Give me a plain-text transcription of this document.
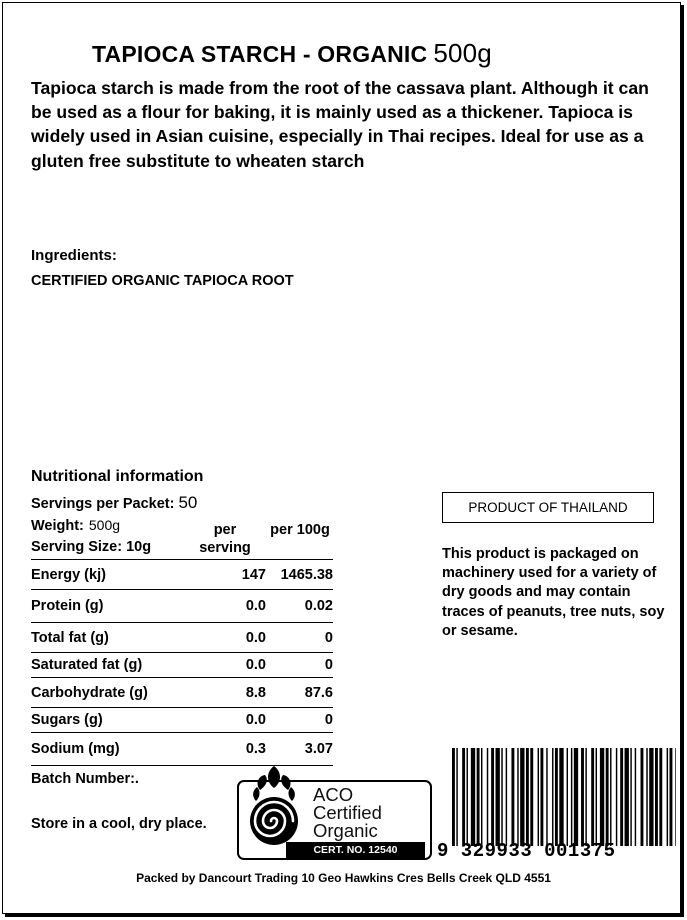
TAPIOCA STARCH - ORGANIC 500g
Tapioca starch is made from the root of the cassava plant. Although it can be used as a flour for baking, it is mainly used as a thickener. Tapioca is widely used in Asian cuisine, especially in Thai recipes. Ideal for use as a gluten free substitute to wheaten starch
Ingredients:
CERTIFIED ORGANIC TAPIOCA ROOT
Nutritional information
Servings per Packet: 50
Weight: 500g
Serving Size: 10g
per serving
per 100g
Energy (kj)	147	1465.38
Protein (g)	0.0	0.02
Total fat (g)	0.0	0
Saturated fat (g)	0.0	0
Carbohydrate (g)	8.8	87.6
Sugars (g)	0.0	0
Sodium (mg)	0.3	3.07
Batch Number:.
Store in a cool, dry place.
PRODUCT OF THAILAND
This product is packaged on machinery used for a variety of dry goods and may contain traces of peanuts, tree nuts, soy or sesame.
ACO
Certified
Organic
CERT. NO. 12540	9 329933 001375
Packed by Dancourt Trading 10 Geo Hawkins Cres Bells Creek QLD 4551
